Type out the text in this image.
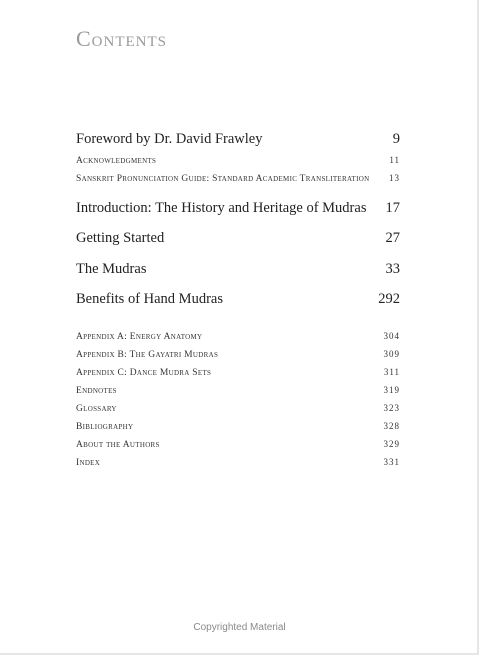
Contents
Foreword by Dr. David Frawley	9
Acknowledgments	11
Sanskrit Pronunciation Guide: Standard Academic Transliteration 13
Introduction: The History and Heritage of Mudras 17
Getting Started	27
The Mudras	33
Benefits of Hand Mudras	292
Appendix A: Energy Anatomy	304
Appendix B: The Gayatri Mudras	309
Appendix C: Dance Mudra Sets	311
Endnotes	319
Glossary	323
Bibliography	328
About the Authors	329
Index	331
Copyrighted Material
